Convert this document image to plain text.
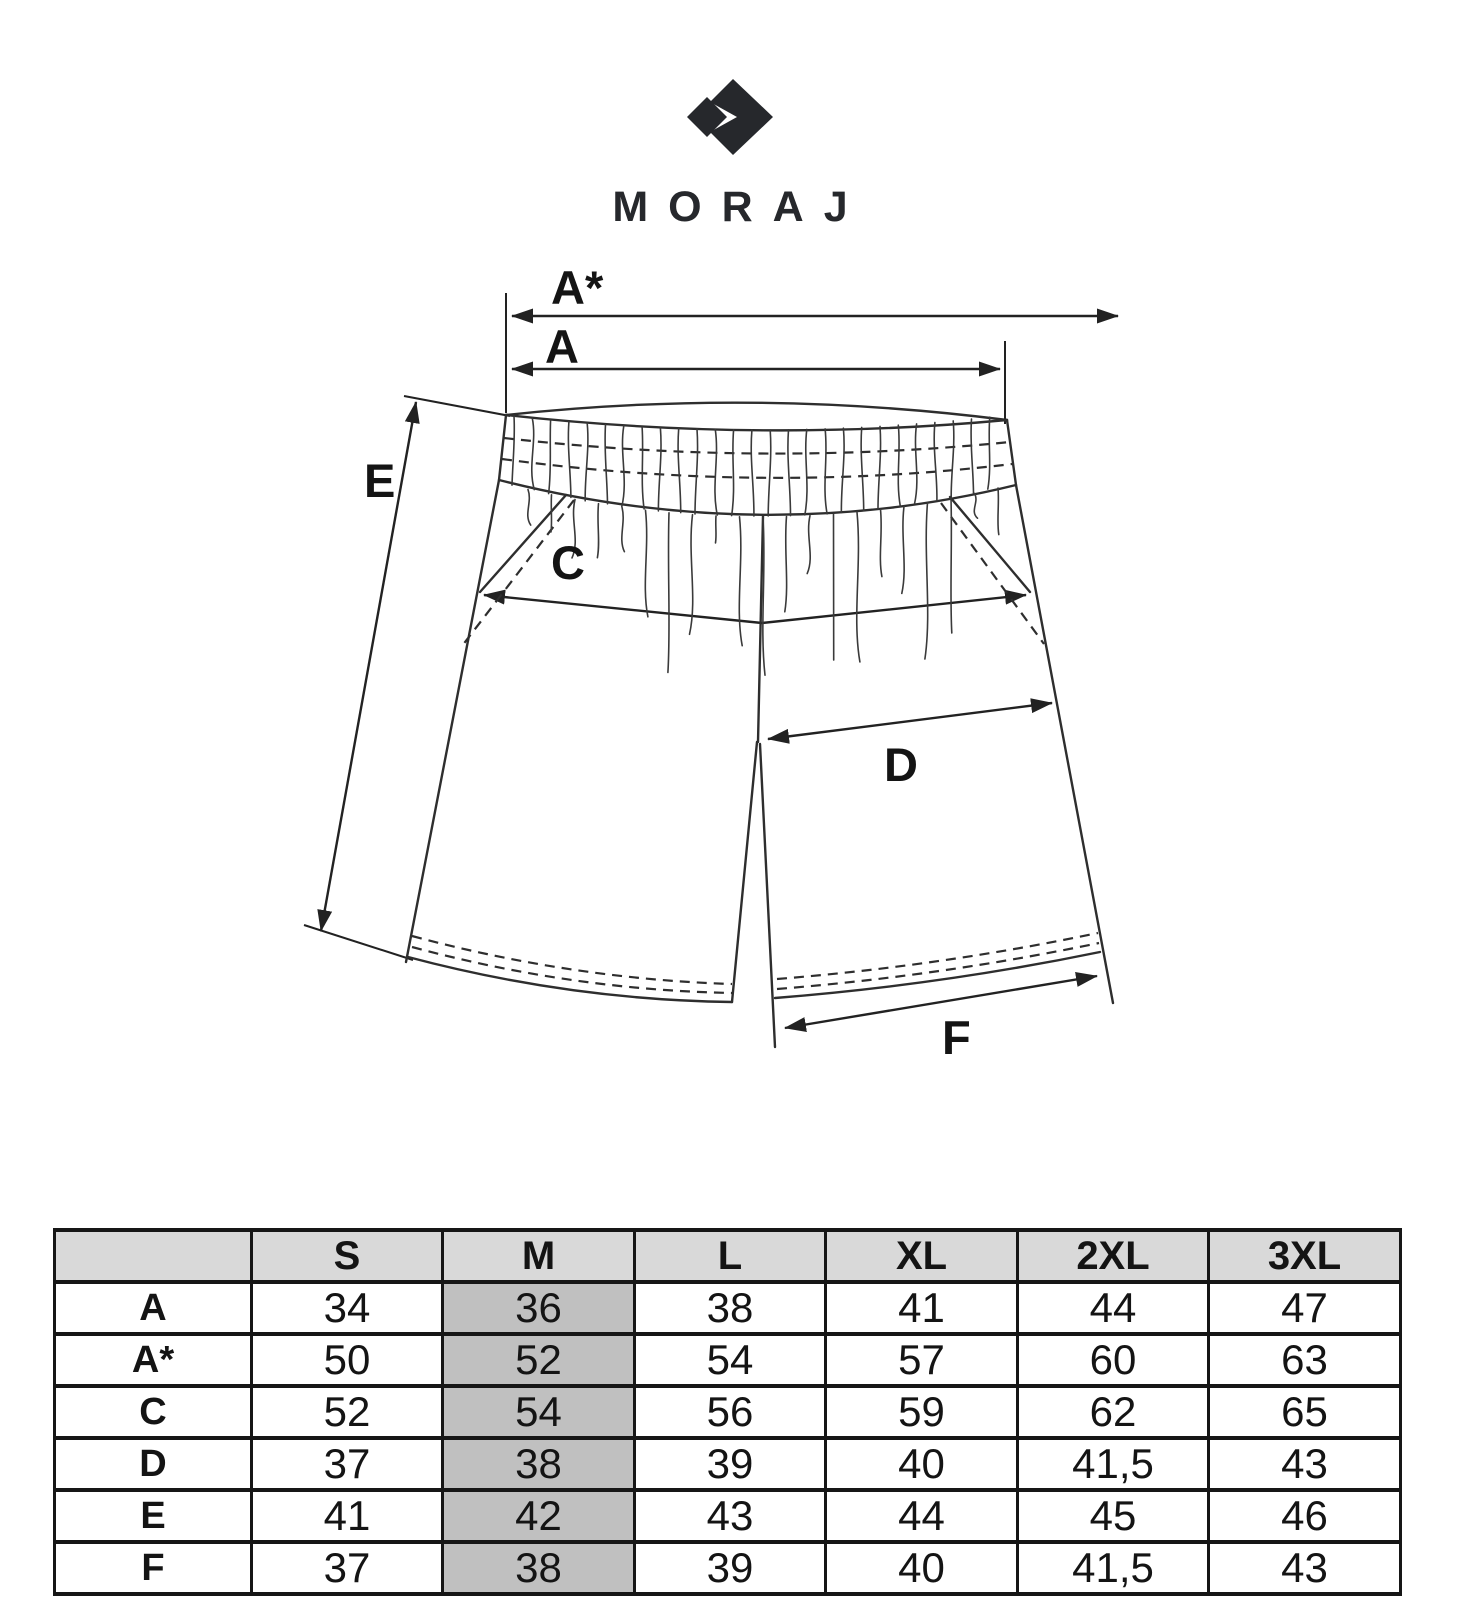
MORAJ
A*
A
E
C
D
F
	S	M	L	XL	2XL	3XL
A	34	36	38	41	44	47
A*	50	52	54	57	60	63
C	52	54	56	59	62	65
D	37	38	39	40	41,5	43
E	41	42	43	44	45	46
F	37	38	39	40	41,5	43
